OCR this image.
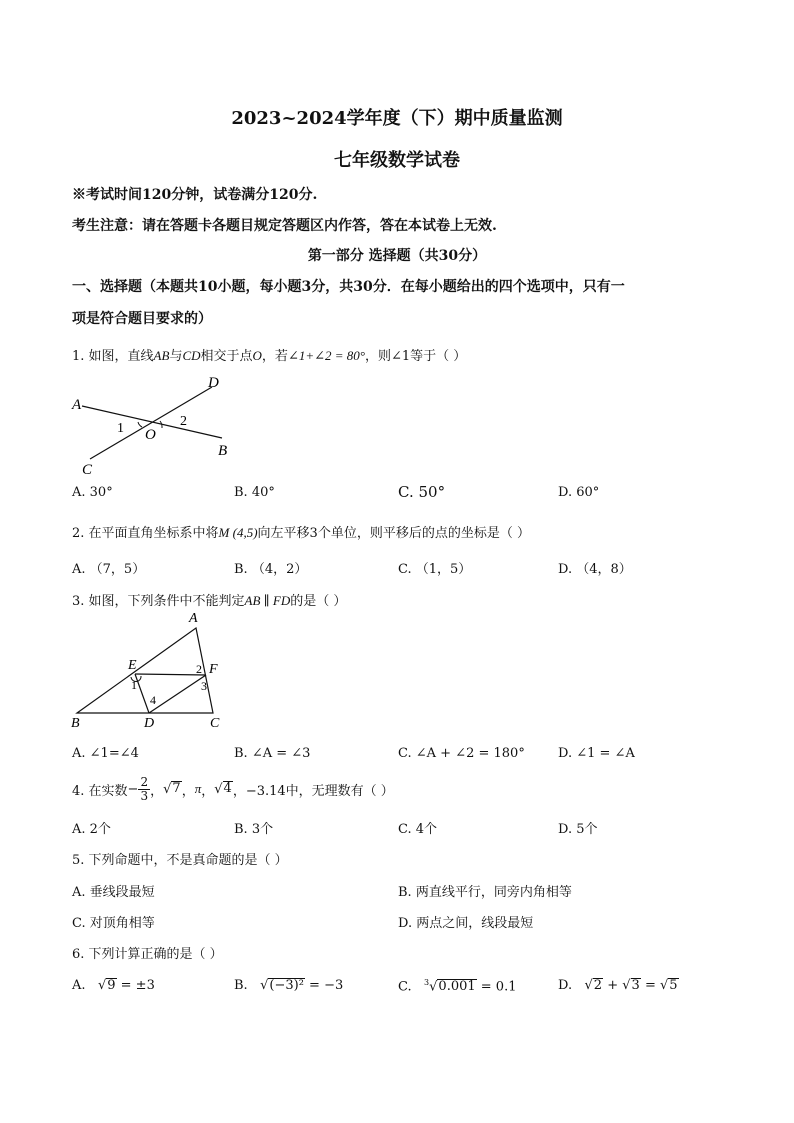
2023~2024学年度（下）期中质量监测
七年级数学试卷
※考试时间120分钟，试卷满分120分.
考生注意：请在答题卡各题目规定答题区内作答，答在本试卷上无效.
第一部分 选择题（共30分）
一、选择题（本题共10小题，每小题3分，共30分．在每小题给出的四个选项中，只有一
项是符合题目要求的）
1. 如图，直线AB与CD相交于点O，若∠1+∠2 = 80°，则∠1等于（ ）
A
B
C
D
O
1	2
A. 30°	B. 40°	C. 50°	D. 60°
2. 在平面直角坐标系中将M (4,5)向左平移3个单位，则平移后的点的坐标是（ ）
A. （7，5）	B. （4，2）	C. （1，5）	D. （4，8）
3. 如图，下列条件中不能判定AB ∥ FD的是（ ）
A
B	C
D
E	F
1
2
3
4
A. ∠1=∠4	B. ∠A = ∠3	C. ∠A + ∠2 = 180°	D. ∠1 = ∠A
4. 在实数 − $\frac{2}{3}$ ， √ 7 ， π ， √ 4 ，−3.14中，无理数有（ ）
A. 2个	B. 3个	C. 4个	D. 5个
5. 下列命题中，不是真命题的是（ ）
A. 垂线段最短	B. 两直线平行，同旁内角相等
C. 对顶角相等	D. 两点之间，线段最短
6. 下列计算正确的是（ ）
A. √9 = ±3	B. √(−3)² = −3	C. $^3$√0.001 = 0.1	D. √2 + √3 = √5
